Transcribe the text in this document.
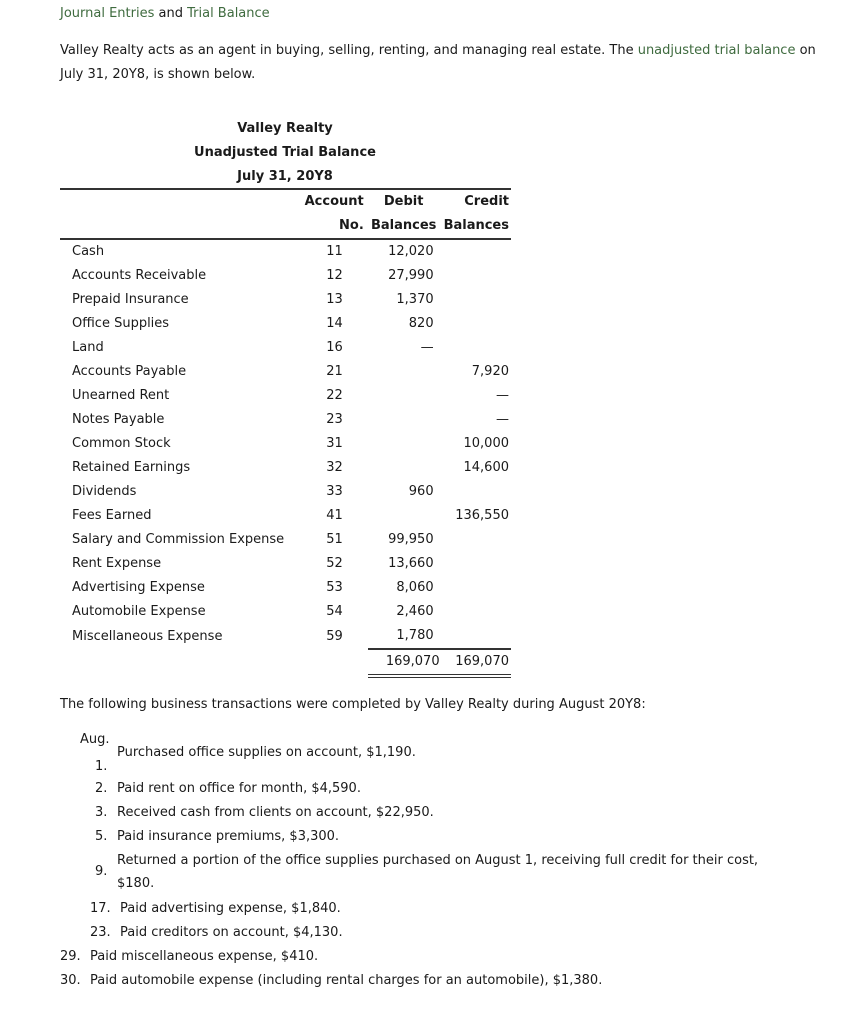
Journal Entries and Trial Balance
Valley Realty acts as an agent in buying, selling, renting, and managing real estate. The unadjusted trial balance on July 31, 20Y8, is shown below.
Valley Realty
Unadjusted Trial Balance
July 31, 20Y8
	Account	Debit	Credit
	No.	Balances	Balances
Cash	11	12,020	
Accounts Receivable	12	27,990	
Prepaid Insurance	13	1,370	
Office Supplies	14	820	
Land	16	—	
Accounts Payable	21		7,920
Unearned Rent	22		—
Notes Payable	23		—
Common Stock	31		10,000
Retained Earnings	32		14,600
Dividends	33	960	
Fees Earned	41		136,550
Salary and Commission Expense	51	99,950	
Rent Expense	52	13,660	
Advertising Expense	53	8,060	
Automobile Expense	54	2,460	
Miscellaneous Expense	59	1,780	
		169,070	169,070
The following business transactions were completed by Valley Realty during August 20Y8:
Aug.
1.
Purchased office supplies on account, $1,190.
2. Paid rent on office for month, $4,590.
3. Received cash from clients on account, $22,950.
5. Paid insurance premiums, $3,300.
9.
Returned a portion of the office supplies purchased on August 1, receiving full credit for their cost,
$180.
17. Paid advertising expense, $1,840.
23. Paid creditors on account, $4,130.
29. Paid miscellaneous expense, $410.
30. Paid automobile expense (including rental charges for an automobile), $1,380.
